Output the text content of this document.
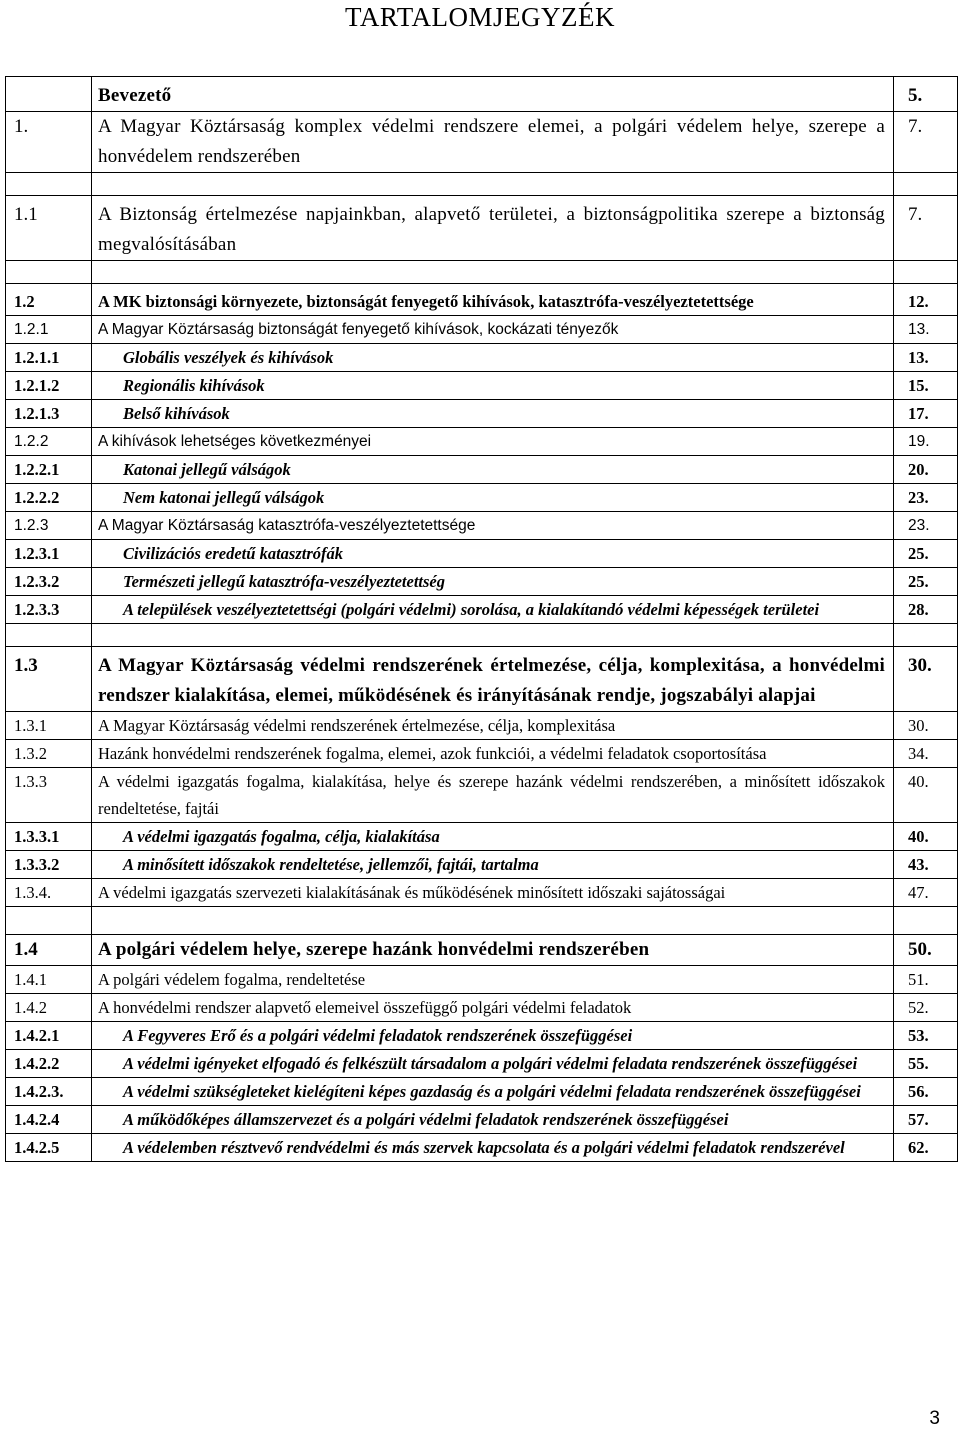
TARTALOMJEGYZÉK
	Bevezető	5.
1.	A Magyar Köztársaság komplex védelmi rendszere elemei, a polgári védelem helye, szerepe a honvédelem rendszerében	7.

1.1	A Biztonság értelmezése napjainkban, alapvető területei, a biztonságpolitika szerepe a biztonság megvalósításában	7.

1.2	A MK biztonsági környezete, biztonságát fenyegető kihívások, katasztrófa-veszélyeztetettsége	12.
1.2.1	A Magyar Köztársaság biztonságát fenyegető kihívások, kockázati tényezők	13.
1.2.1.1	Globális veszélyek és kihívások	13.
1.2.1.2	Regionális kihívások	15.
1.2.1.3	Belső kihívások	17.
1.2.2	A kihívások lehetséges következményei	19.
1.2.2.1	Katonai jellegű válságok	20.
1.2.2.2	Nem katonai jellegű válságok	23.
1.2.3	A Magyar Köztársaság katasztrófa-veszélyeztetettsége	23.
1.2.3.1	Civilizációs eredetű katasztrófák	25.
1.2.3.2	Természeti jellegű katasztrófa-veszélyeztetettség	25.
1.2.3.3	A települések veszélyeztetettségi (polgári védelmi) sorolása, a kialakítandó védelmi képességek területei	28.

1.3	A Magyar Köztársaság védelmi rendszerének értelmezése, célja, komplexitása, a honvédelmi rendszer kialakítása, elemei, működésének és irányításának rendje, jogszabályi alapjai	30.
1.3.1	A Magyar Köztársaság védelmi rendszerének értelmezése, célja, komplexitása	30.
1.3.2	Hazánk honvédelmi rendszerének fogalma, elemei, azok funkciói, a védelmi feladatok csoportosítása	34.
1.3.3	A védelmi igazgatás fogalma, kialakítása, helye és szerepe hazánk védelmi rendszerében, a minősített időszakok rendeltetése, fajtái	40.
1.3.3.1	A védelmi igazgatás fogalma, célja, kialakítása	40.
1.3.3.2	A minősített időszakok rendeltetése, jellemzői, fajtái, tartalma	43.
1.3.4.	A védelmi igazgatás szervezeti kialakításának és működésének minősített időszaki sajátosságai	47.

1.4	A polgári védelem helye, szerepe hazánk honvédelmi rendszerében	50.
1.4.1	A polgári védelem fogalma, rendeltetése	51.
1.4.2	A honvédelmi rendszer alapvető elemeivel összefüggő polgári védelmi feladatok	52.
1.4.2.1	A Fegyveres Erő és a polgári védelmi feladatok rendszerének összefüggései	53.
1.4.2.2	A védelmi igényeket elfogadó és felkészült társadalom a polgári védelmi feladata rendszerének összefüggései	55.
1.4.2.3.	A védelmi szükségleteket kielégíteni képes gazdaság és a polgári védelmi feladata rendszerének összefüggései	56.
1.4.2.4	A működőképes államszervezet és a polgári védelmi feladatok rendszerének összefüggései	57.
1.4.2.5	A védelemben résztvevő rendvédelmi és más szervek kapcsolata és a polgári védelmi feladatok rendszerével	62.
3
